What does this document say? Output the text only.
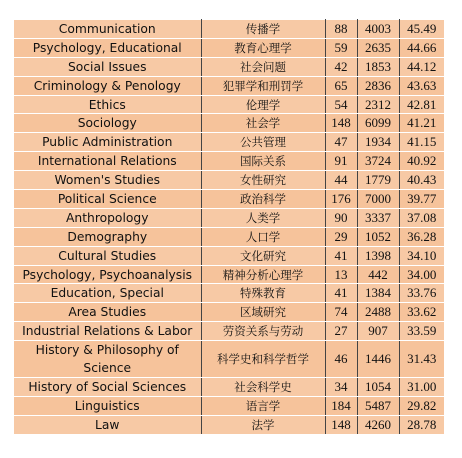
Communication	传播学	88	4003	45.49
Psychology, Educational	教育心理学	59	2635	44.66
Social Issues	社会问题	42	1853	44.12
Criminology & Penology	犯罪学和刑罚学	65	2836	43.63
Ethics	伦理学	54	2312	42.81
Sociology	社会学	148	6099	41.21
Public Administration	公共管理	47	1934	41.15
International Relations	国际关系	91	3724	40.92
Women's Studies	女性研究	44	1779	40.43
Political Science	政治科学	176	7000	39.77
Anthropology	人类学	90	3337	37.08
Demography	人口学	29	1052	36.28
Cultural Studies	文化研究	41	1398	34.10
Psychology, Psychoanalysis	精神分析心理学	13	442	34.00
Education, Special	特殊教育	41	1384	33.76
Area Studies	区域研究	74	2488	33.62
Industrial Relations & Labor	劳资关系与劳动	27	907	33.59
History & Philosophy of Science	科学史和科学哲学	46	1446	31.43
History of Social Sciences	社会科学史	34	1054	31.00
Linguistics	语言学	184	5487	29.82
Law	法学	148	4260	28.78
